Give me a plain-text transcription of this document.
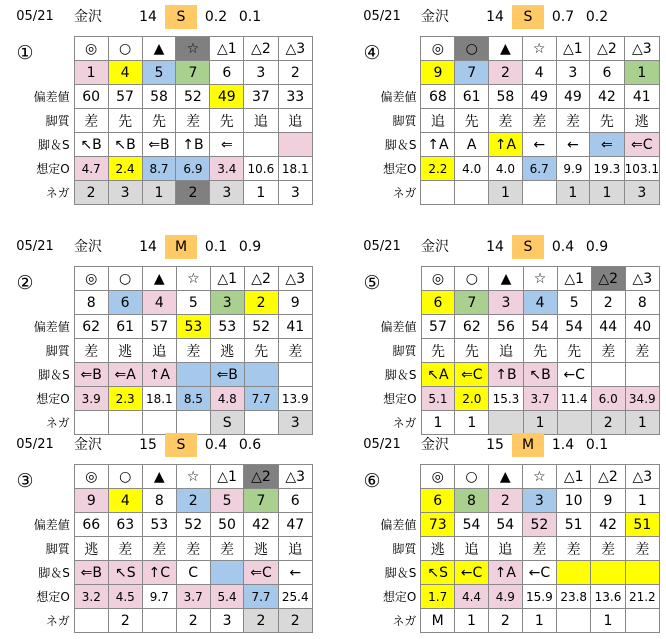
05/21	金沢	14	S	0.2 0.1
①
		◎	○	▲	☆	△1	△2	△3
	1	4	5	7	6	3	2
偏差値	60	57	58	52	49	37	33
脚質	差	先	先	差	先	追	追
脚＆S	↖B	↖B	⇐B	↑B	⇐		
想定O	4.7	2.4	8.7	6.9	3.4	10.6	18.1
ネガ	2	3	1	2	3	1	3
05/21	金沢	14	S	0.7 0.2
④
		◎	○	▲	☆	△1	△2	△3
	9	7	2	4	3	6	1
偏差値	68	61	58	49	49	42	41
脚質	追	先	差	差	差	先	逃
脚＆S	↑A	A	↑A	←	←	⇐	⇐C
想定O	2.2	4.0	4.0	6.7	9.9	19.3	103.1
ネガ			1		1	1	3
05/21	金沢	14	M	0.1 0.9
②
		◎	○	▲	☆	△1	△2	△3
	8	6	4	5	3	2	9
偏差値	62	61	57	53	53	52	41
脚質	差	逃	追	差	逃	先	差
脚＆S	⇐B	⇐A	↑A		⇐B		
想定O	3.9	2.3	18.1	8.5	4.8	7.7	13.9
ネガ					S		3
05/21	金沢	14	S	0.4 0.9
⑤
		◎	○	▲	☆	△1	△2	△3
	6	7	3	4	5	2	8
偏差値	57	62	56	54	54	44	40
脚質	先	先	追	先	先	差	差
脚＆S	↖A	⇐C	↑B	↖B	←C		
想定O	5.1	2.0	15.3	3.7	11.4	6.0	34.9
ネガ	1	1		1		2	1
05/21	金沢	15	S	0.4 0.6
③
		◎	○	▲	☆	△1	△2	△3
	9	4	8	2	5	7	6
偏差値	66	63	53	52	50	42	47
脚質	逃	差	差	差	差	逃	追
脚＆S	⇐B	↖S	↑C	C		⇐C	←
想定O	3.2	4.5	9.7	3.7	5.4	7.7	25.4
ネガ		2		2	3	2	2
05/21	金沢	15	M	1.4 0.1
⑥
		◎	○	▲	☆	△1	△2	△3
	6	8	2	3	10	9	1
偏差値	73	54	54	52	51	42	51
脚質	逃	追	追	差	差	差	差
脚＆S	↖S	←C	↑A	←C			
想定O	1.7	4.4	4.9	15.9	23.8	13.6	21.2
ネガ	M	1	2	1		1	
